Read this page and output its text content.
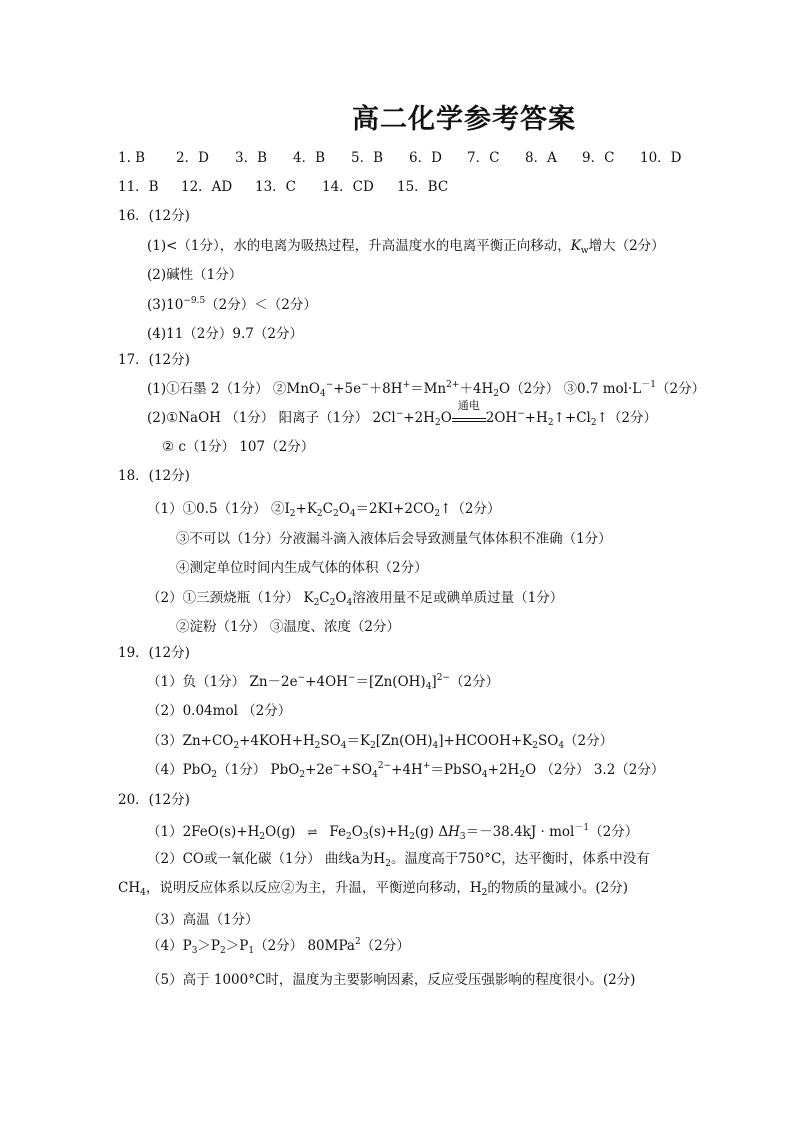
高二化学参考答案
1. B 2．D 3．B 4．B 5．B 6．D 7．C 8．A 9．C 10．D
11．B 12．AD 13．C 14．CD 15．BC
16．(12分)
(1)<（1分），水的电离为吸热过程，升高温度水的电离平衡正向移动，$K_w$增大（2分）
(2)碱性（1分）
$(3)10^{-9.5}(2$分）＜（2分）
(4)11（2分）9.7（2分）
17．(12分)
(1)①石墨 2（1分） $②MnO_4^-+5e^-+8H^+=Mn^{2+}+4H_2O(2$分） ③0.7 $mol\cdot L^{-1}(2$分）
(2)①NaOH （1分） 阳离子（1分） $2Cl^-+2H_2O$
通电
$2OH^-+H_2↑+Cl_2↑(2$分）
② c（1分） 107（2分）
18．(12分)
（1）①0.5（1分） $②I_2+K_2C_2O_4=2KI+2CO_2↑(2$分）
③不可以（1分）分液漏斗滴入液体后会导致测量气体体积不准确（1分）
④测定单位时间内生成气体的体积（2分）
（2）①三颈烧瓶（1分） $K_2C_2O_4$溶液用量不足或碘单质过量（1分）
②淀粉（1分） ③温度、浓度（2分）
19．(12分)
（1）负（1分） $Zn-2e^-+4OH^-=[Zn(OH)_4]^{2-}(2$分）
（2）0.04mol （2分）
$(3)Zn+CO_2+4KOH+H_2SO_4=K_2[Zn(OH)_4]+HCOOH+K_2SO_4(2$分）
（4）PbO$_2$（1分） $PbO_2+2e^-+SO_4^{2-}+4H^+=PbSO_4+2H_2O$ （2分） 3.2（2分）
20．(12分)
$(1)2FeO(s)+H_2O(g)$ ⇌ $Fe_2O_3(s)+H_2(g) \Delta H_3=-38.4kJ \cdot mol^{-1}(2$分）
（2）CO或一氧化碳（1分） 曲线a为$H_2$。温度高于750°C，达平衡时，体系中没有
$CH_4$，说明反应体系以反应②为主，升温，平衡逆向移动，$H_2$的物质的量减小。(2分)
（3）高温（1分）
$(4)P_3>P_2>P_1(2$分） 80MPa$^2$（2分）
（5）高于 1000°C时，温度为主要影响因素，反应受压强影响的程度很小。(2分)
